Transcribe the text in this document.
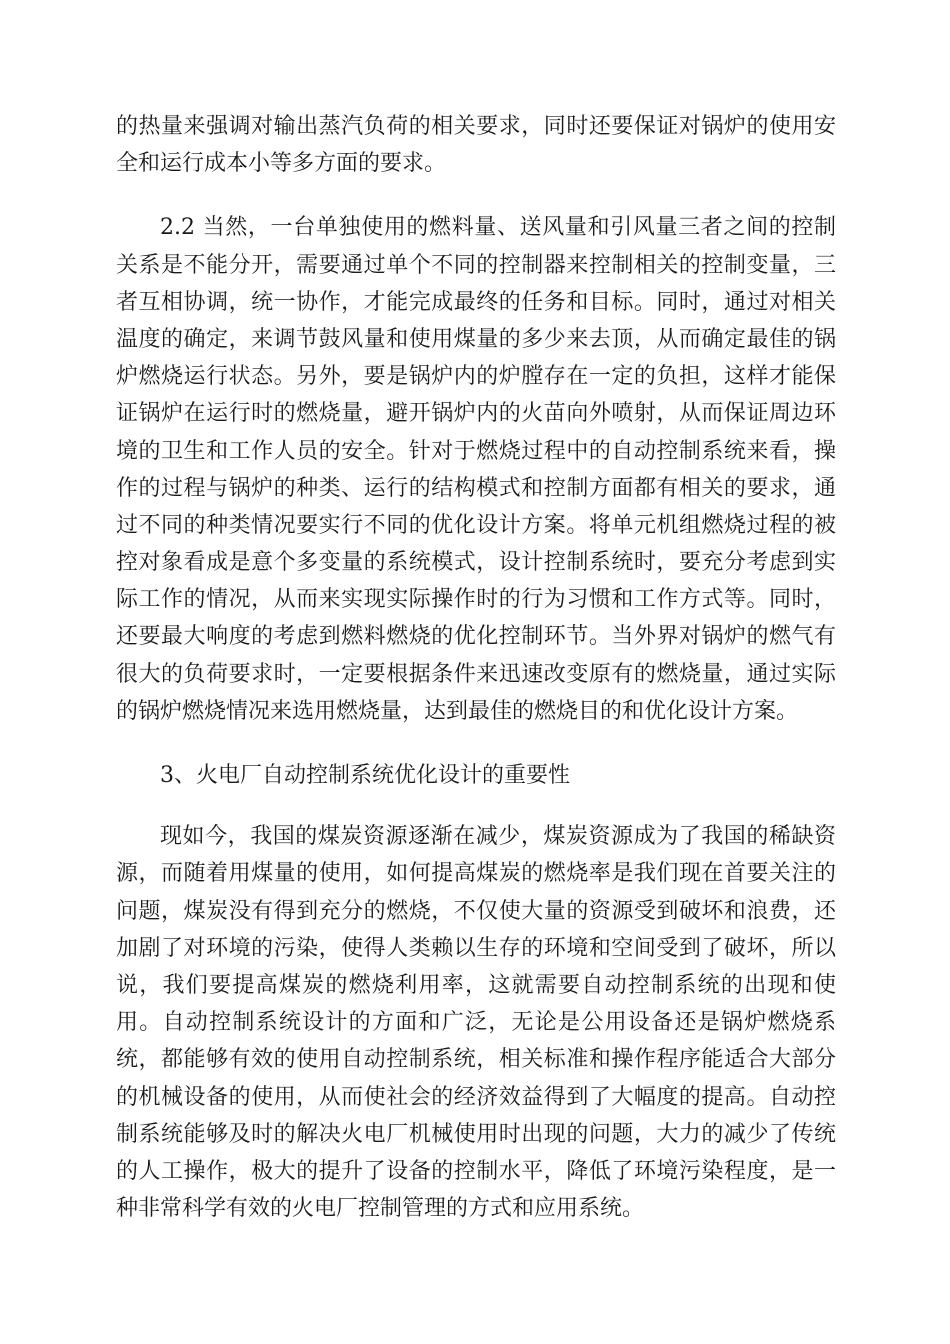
的热量来强调对输出蒸汽负荷的相关要求，同时还要保证对锅炉的使用安
全和运行成本小等多方面的要求。
2.2 当然，一台单独使用的燃料量、送风量和引风量三者之间的控制
关系是不能分开，需要通过单个不同的控制器来控制相关的控制变量，三
者互相协调，统一协作，才能完成最终的任务和目标。同时，通过对相关
温度的确定，来调节鼓风量和使用煤量的多少来去顶，从而确定最佳的锅
炉燃烧运行状态。另外，要是锅炉内的炉膛存在一定的负担，这样才能保
证锅炉在运行时的燃烧量，避开锅炉内的火苗向外喷射，从而保证周边环
境的卫生和工作人员的安全。针对于燃烧过程中的自动控制系统来看，操
作的过程与锅炉的种类、运行的结构模式和控制方面都有相关的要求，通
过不同的种类情况要实行不同的优化设计方案。将单元机组燃烧过程的被
控对象看成是意个多变量的系统模式，设计控制系统时，要充分考虑到实
际工作的情况，从而来实现实际操作时的行为习惯和工作方式等。同时，
还要最大响度的考虑到燃料燃烧的优化控制环节。当外界对锅炉的燃气有
很大的负荷要求时，一定要根据条件来迅速改变原有的燃烧量，通过实际
的锅炉燃烧情况来选用燃烧量，达到最佳的燃烧目的和优化设计方案。
3、火电厂自动控制系统优化设计的重要性
现如今，我国的煤炭资源逐渐在减少，煤炭资源成为了我国的稀缺资
源，而随着用煤量的使用，如何提高煤炭的燃烧率是我们现在首要关注的
问题，煤炭没有得到充分的燃烧，不仅使大量的资源受到破坏和浪费，还
加剧了对环境的污染，使得人类赖以生存的环境和空间受到了破坏，所以
说，我们要提高煤炭的燃烧利用率，这就需要自动控制系统的出现和使
用。自动控制系统设计的方面和广泛，无论是公用设备还是锅炉燃烧系
统，都能够有效的使用自动控制系统，相关标准和操作程序能适合大部分
的机械设备的使用，从而使社会的经济效益得到了大幅度的提高。自动控
制系统能够及时的解决火电厂机械使用时出现的问题，大力的减少了传统
的人工操作，极大的提升了设备的控制水平，降低了环境污染程度，是一
种非常科学有效的火电厂控制管理的方式和应用系统。
